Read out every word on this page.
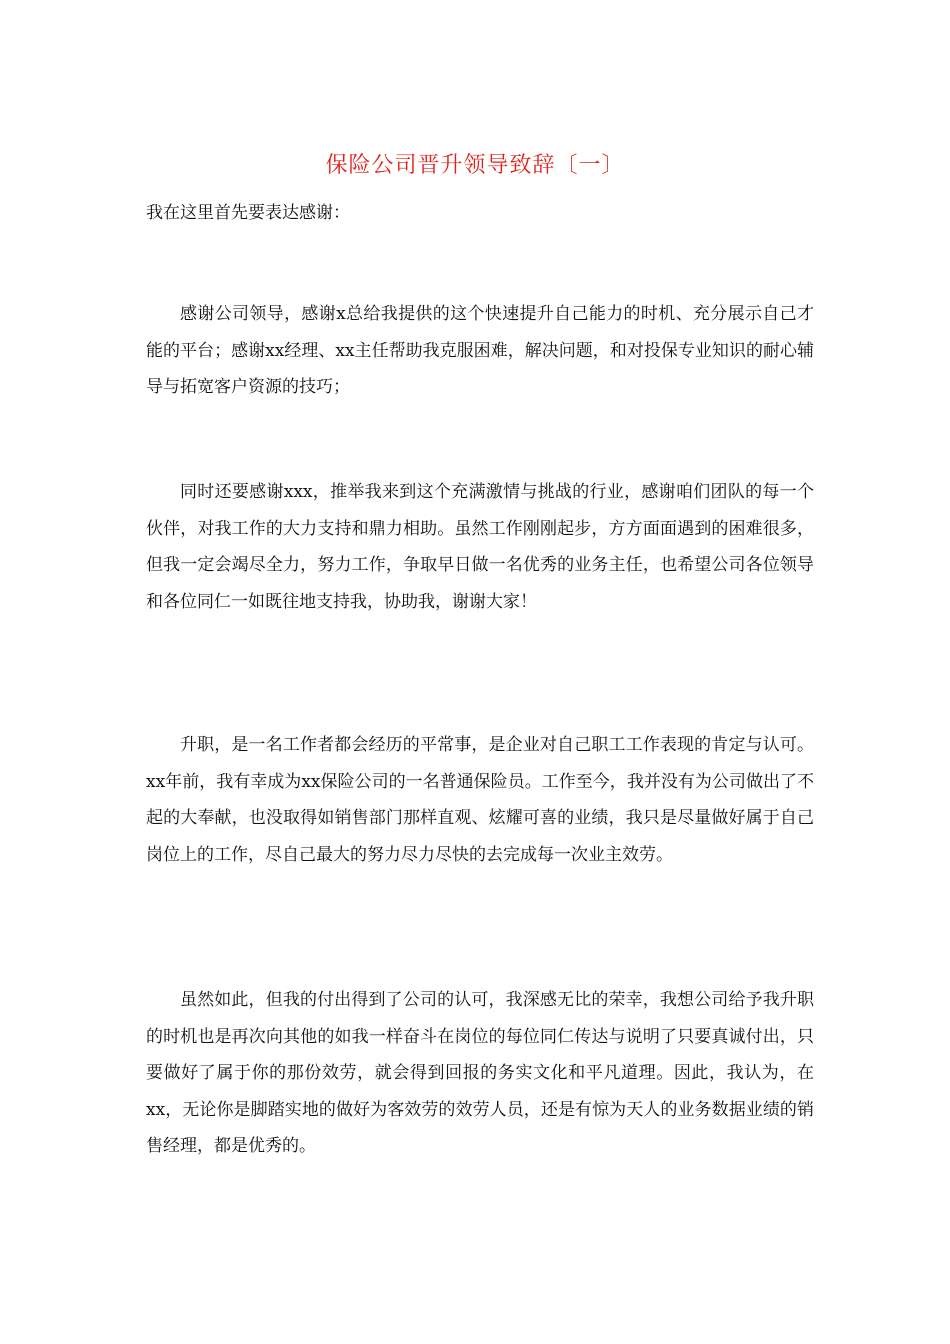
保险公司晋升领导致辞〔一〕
我在这里首先要表达感谢：

感谢公司领导，感谢x总给我提供的这个快速提升自己能力的时机、充分展示自己才能的平台；感谢xx经理、xx主任帮助我克服困难，解决问题，和对投保专业知识的耐心辅导与拓宽客户资源的技巧；

同时还要感谢xxx，推举我来到这个充满激情与挑战的行业，感谢咱们团队的每一个伙伴，对我工作的大力支持和鼎力相助。虽然工作刚刚起步，方方面面遇到的困难很多，但我一定会竭尽全力，努力工作，争取早日做一名优秀的业务主任，也希望公司各位领导和各位同仁一如既往地支持我，协助我，谢谢大家！

升职，是一名工作者都会经历的平常事，是企业对自己职工工作表现的肯定与认可。xx年前，我有幸成为xx保险公司的一名普通保险员。工作至今，我并没有为公司做出了不起的大奉献，也没取得如销售部门那样直观、炫耀可喜的业绩，我只是尽量做好属于自己岗位上的工作，尽自己最大的努力尽力尽快的去完成每一次业主效劳。

虽然如此，但我的付出得到了公司的认可，我深感无比的荣幸，我想公司给予我升职的时机也是再次向其他的如我一样奋斗在岗位的每位同仁传达与说明了只要真诚付出，只要做好了属于你的那份效劳，就会得到回报的务实文化和平凡道理。因此，我认为，在xx，无论你是脚踏实地的做好为客效劳的效劳人员，还是有惊为天人的业务数据业绩的销售经理，都是优秀的。
